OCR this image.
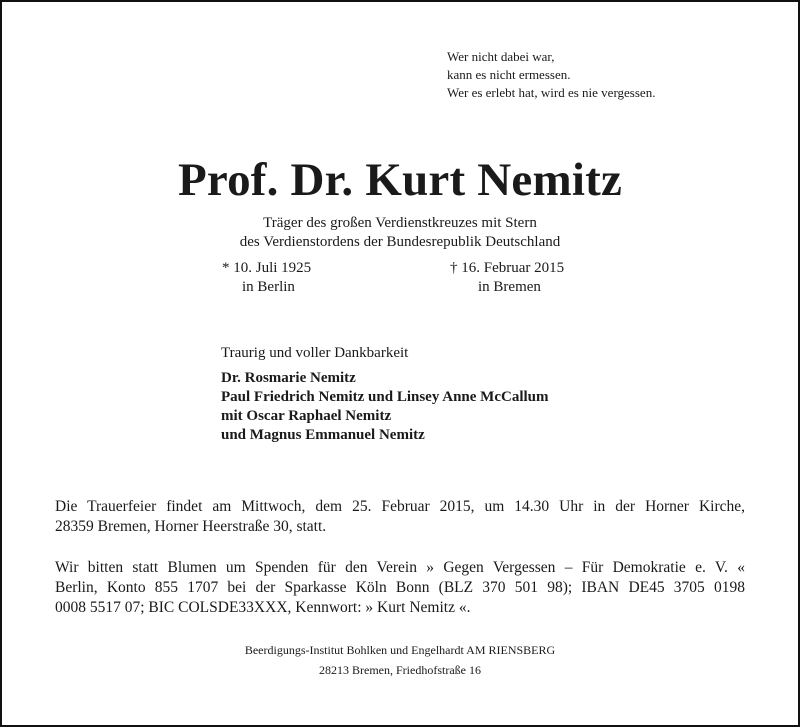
Wer nicht dabei war,
kann es nicht ermessen.
Wer es erlebt hat, wird es nie vergessen.
Prof. Dr. Kurt Nemitz
Träger des großen Verdienstkreuzes mit Stern
des Verdienstordens der Bundesrepublik Deutschland
* 10. Juli 1925
in Berlin
† 16. Februar 2015
in Bremen
Traurig und voller Dankbarkeit
Dr. Rosmarie Nemitz
Paul Friedrich Nemitz und Linsey Anne McCallum
mit Oscar Raphael Nemitz
und Magnus Emmanuel Nemitz
Die Trauerfeier findet am Mittwoch, dem 25. Februar 2015, um 14.30 Uhr in der Horner Kirche,
28359 Bremen, Horner Heerstraße 30, statt.
Wir bitten statt Blumen um Spenden für den Verein » Gegen Vergessen – Für Demokratie e. V. «
Berlin, Konto 855 1707 bei der Sparkasse Köln Bonn (BLZ 370 501 98); IBAN DE45 3705 0198
0008 5517 07; BIC COLSDE33XXX, Kennwort: » Kurt Nemitz «.
Beerdigungs-Institut Bohlken und Engelhardt AM RIENSBERG
28213 Bremen, Friedhofstraße 16
